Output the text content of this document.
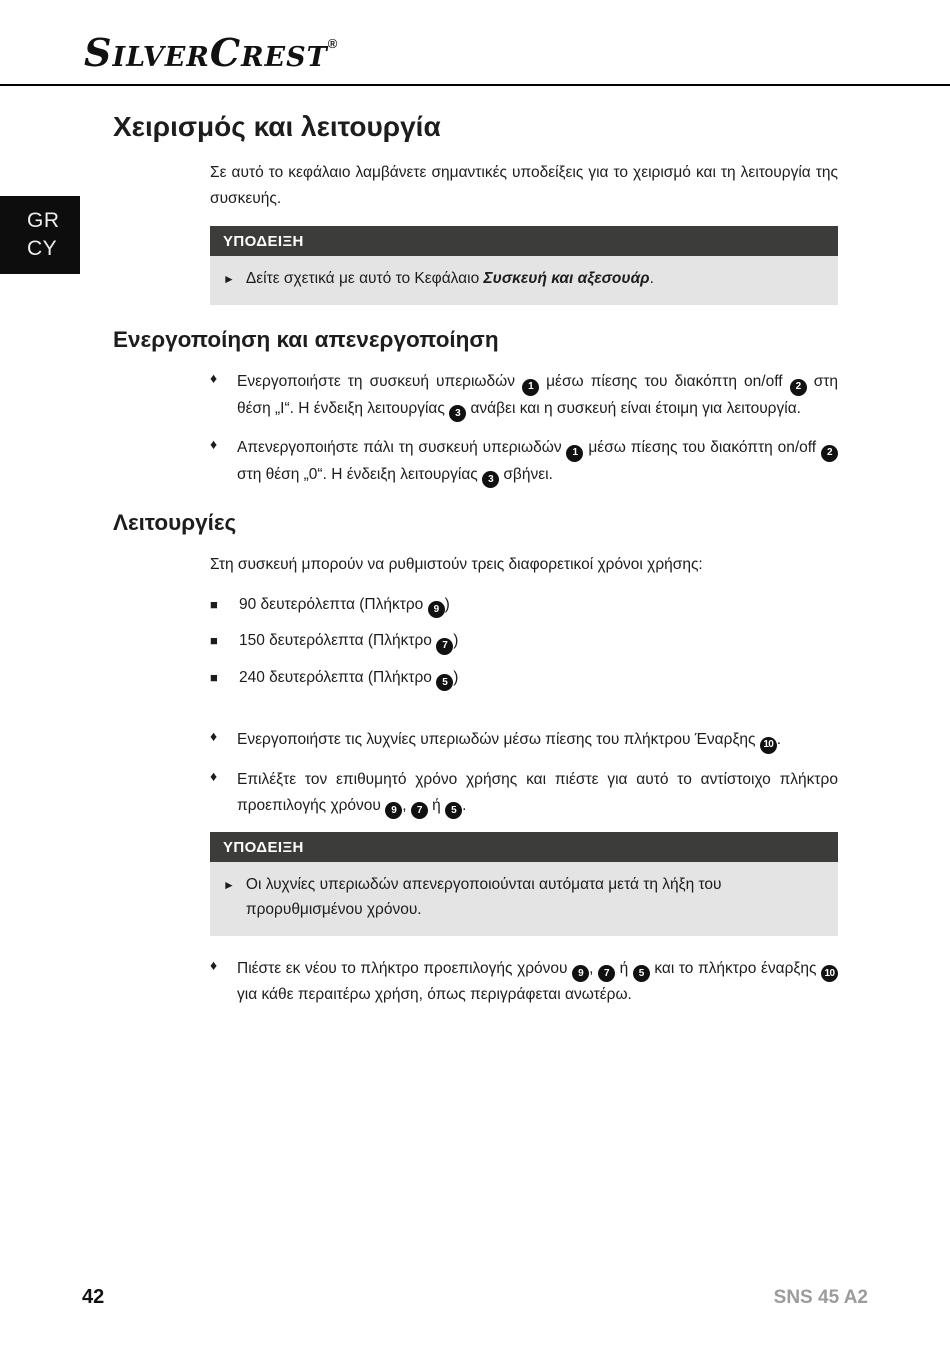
SilverCrest®
GR
CY
Χειρισμός και λειτουργία

Σε αυτό το κεφάλαιο λαμβάνετε σημαντικές υποδείξεις για το χειρισμό και τη λειτουργία της συσκευής.

ΥΠΟΔΕΙΞΗ
► Δείτε σχετικά με αυτό το Κεφάλαιο Συσκευή και αξεσουάρ.
Ενεργοποίηση και απενεργοποίηση
♦	Ενεργοποιήστε τη συσκευή υπεριωδών 1 μέσω πίεσης του διακόπτη on/off 2 στη θέση „I“. Η ένδειξη λειτουργίας 3 ανάβει και η συσκευή είναι έτοιμη για λειτουργία.
♦	Απενεργοποιήστε πάλι τη συσκευή υπεριωδών 1 μέσω πίεσης του διακόπτη on/off 2 στη θέση „0“. Η ένδειξη λειτουργίας 3 σβήνει.
Λειτουργίες

Στη συσκευή μπορούν να ρυθμιστούν τρεις διαφορετικοί χρόνοι χρήσης:

■	90 δευτερόλεπτα (Πλήκτρο 9 )
■	150 δευτερόλεπτα (Πλήκτρο 7 )
■	240 δευτερόλεπτα (Πλήκτρο 5 )
♦	Ενεργοποιήστε τις λυχνίες υπεριωδών μέσω πίεσης του πλήκτρου Έναρξης 10 .
♦	Επιλέξτε τον επιθυμητό χρόνο χρήσης και πιέστε για αυτό το αντίστοιχο πλήκτρο προεπιλογής χρόνου 9 , 7 ή 5 .
ΥΠΟΔΕΙΞΗ
► Οι λυχνίες υπεριωδών απενεργοποιούνται αυτόματα μετά τη λήξη του προρυθμισμένου χρόνου.
♦	Πιέστε εκ νέου το πλήκτρο προεπιλογής χρόνου 9 , 7 ή 5 και το πλήκτρο έναρξης 10 για κάθε περαιτέρω χρήση, όπως περιγράφεται ανωτέρω.
42	SNS 45 A2
